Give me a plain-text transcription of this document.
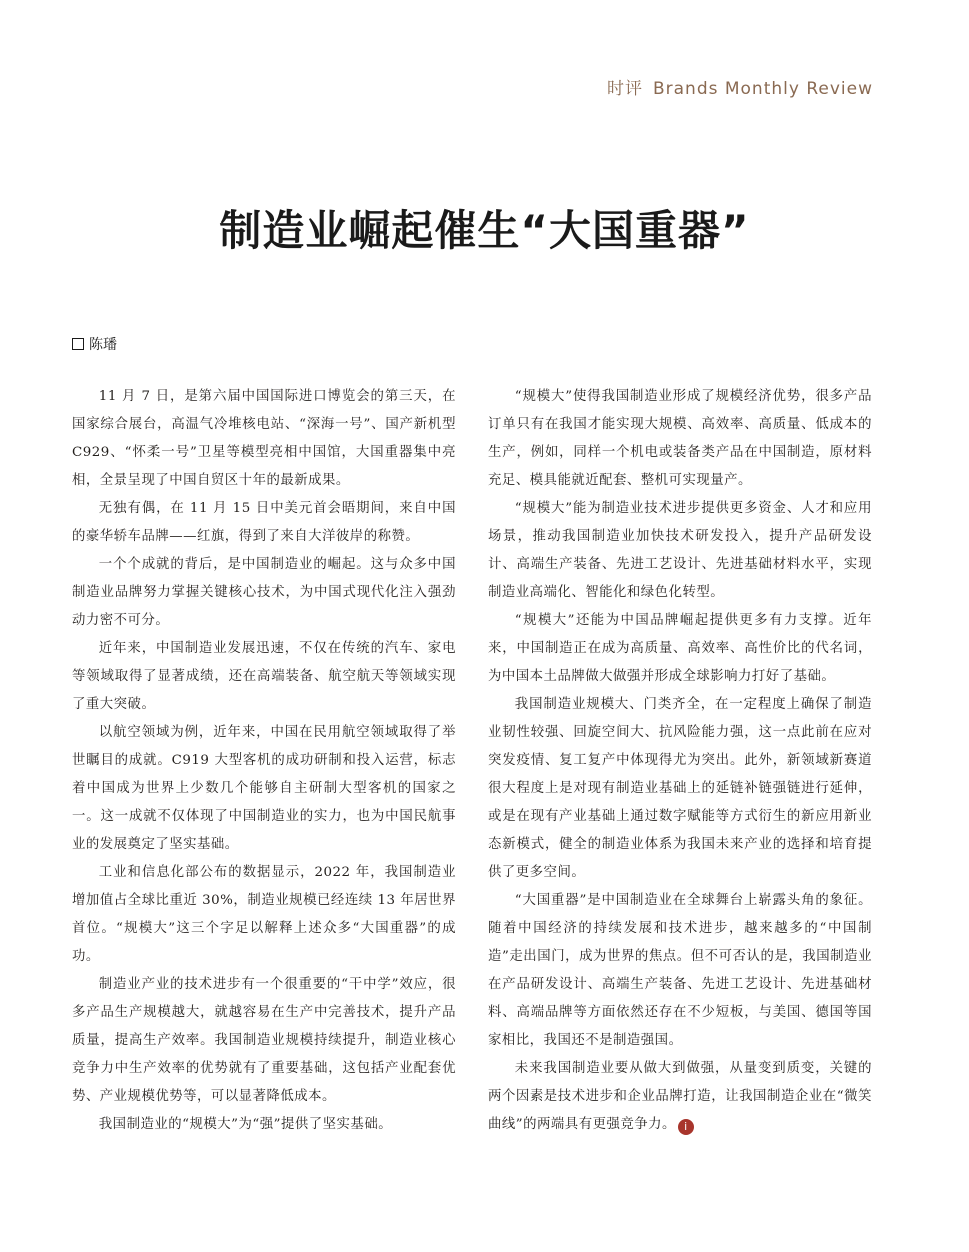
时评 Brands Monthly Review
制造业崛起催生“大国重器”
陈璠

11 月 7 日，是第六届中国国际进口博览会的第三天，在国家综合展台，高温气冷堆核电站、“深海一号”、国产新机型 C929、“怀柔一号”卫星等模型亮相中国馆，大国重器集中亮相，全景呈现了中国自贸区十年的最新成果。

无独有偶，在 11 月 15 日中美元首会晤期间，来自中国的豪华轿车品牌——红旗，得到了来自大洋彼岸的称赞。

一个个成就的背后，是中国制造业的崛起。这与众多中国制造业品牌努力掌握关键核心技术，为中国式现代化注入强劲动力密不可分。

近年来，中国制造业发展迅速，不仅在传统的汽车、家电等领域取得了显著成绩，还在高端装备、航空航天等领域实现了重大突破。

以航空领域为例，近年来，中国在民用航空领域取得了举世瞩目的成就。C919 大型客机的成功研制和投入运营，标志着中国成为世界上少数几个能够自主研制大型客机的国家之一。这一成就不仅体现了中国制造业的实力，也为中国民航事业的发展奠定了坚实基础。

工业和信息化部公布的数据显示，2022 年，我国制造业增加值占全球比重近 30%，制造业规模已经连续 13 年居世界首位。“规模大”这三个字足以解释上述众多“大国重器”的成功。

制造业产业的技术进步有一个很重要的“干中学”效应，很多产品生产规模越大，就越容易在生产中完善技术，提升产品质量，提高生产效率。我国制造业规模持续提升，制造业核心竞争力中生产效率的优势就有了重要基础，这包括产业配套优势、产业规模优势等，可以显著降低成本。

我国制造业的“规模大”为“强”提供了坚实基础。

“规模大”使得我国制造业形成了规模经济优势，很多产品订单只有在我国才能实现大规模、高效率、高质量、低成本的生产，例如，同样一个机电或装备类产品在中国制造，原材料充足、模具能就近配套、整机可实现量产。

“规模大”能为制造业技术进步提供更多资金、人才和应用场景，推动我国制造业加快技术研发投入，提升产品研发设计、高端生产装备、先进工艺设计、先进基础材料水平，实现制造业高端化、智能化和绿色化转型。

“规模大”还能为中国品牌崛起提供更多有力支撑。近年来，中国制造正在成为高质量、高效率、高性价比的代名词，为中国本土品牌做大做强并形成全球影响力打好了基础。

我国制造业规模大、门类齐全，在一定程度上确保了制造业韧性较强、回旋空间大、抗风险能力强，这一点此前在应对突发疫情、复工复产中体现得尤为突出。此外，新领域新赛道很大程度上是对现有制造业基础上的延链补链强链进行延伸，或是在现有产业基础上通过数字赋能等方式衍生的新应用新业态新模式，健全的制造业体系为我国未来产业的选择和培育提供了更多空间。

“大国重器”是中国制造业在全球舞台上崭露头角的象征。随着中国经济的持续发展和技术进步，越来越多的“中国制造”走出国门，成为世界的焦点。但不可否认的是，我国制造业在产品研发设计、高端生产装备、先进工艺设计、先进基础材料、高端品牌等方面依然还存在不少短板，与美国、德国等国家相比，我国还不是制造强国。

未来我国制造业要从做大到做强，从量变到质变，关键的两个因素是技术进步和企业品牌打造，让我国制造企业在“微笑曲线”的两端具有更强竞争力。 i
